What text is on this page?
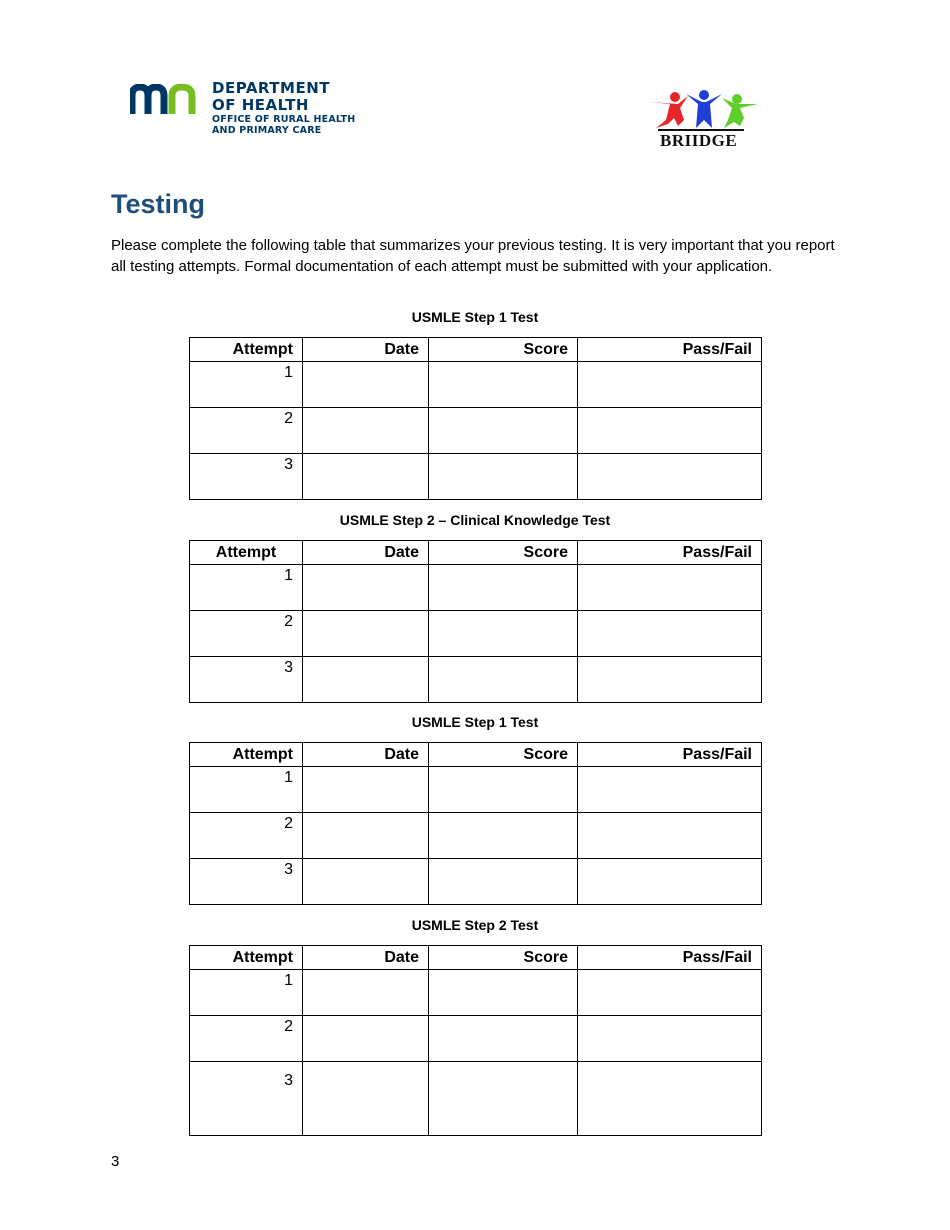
DEPARTMENT
OF HEALTH
OFFICE OF RURAL HEALTH
AND PRIMARY CARE
BRIIDGE
Testing

Please complete the following table that summarizes your previous testing. It is very important that you report all testing attempts. Formal documentation of each attempt must be submitted with your application.

USMLE Step 1 Test
Attempt	Date	Score	Pass/Fail
1			
2			
3			
USMLE Step 2 – Clinical Knowledge Test
Attempt	Date	Score	Pass/Fail
1			
2			
3			
USMLE Step 1 Test
Attempt	Date	Score	Pass/Fail
1			
2			
3			
USMLE Step 2 Test
Attempt	Date	Score	Pass/Fail
1			
2			
3			
3
